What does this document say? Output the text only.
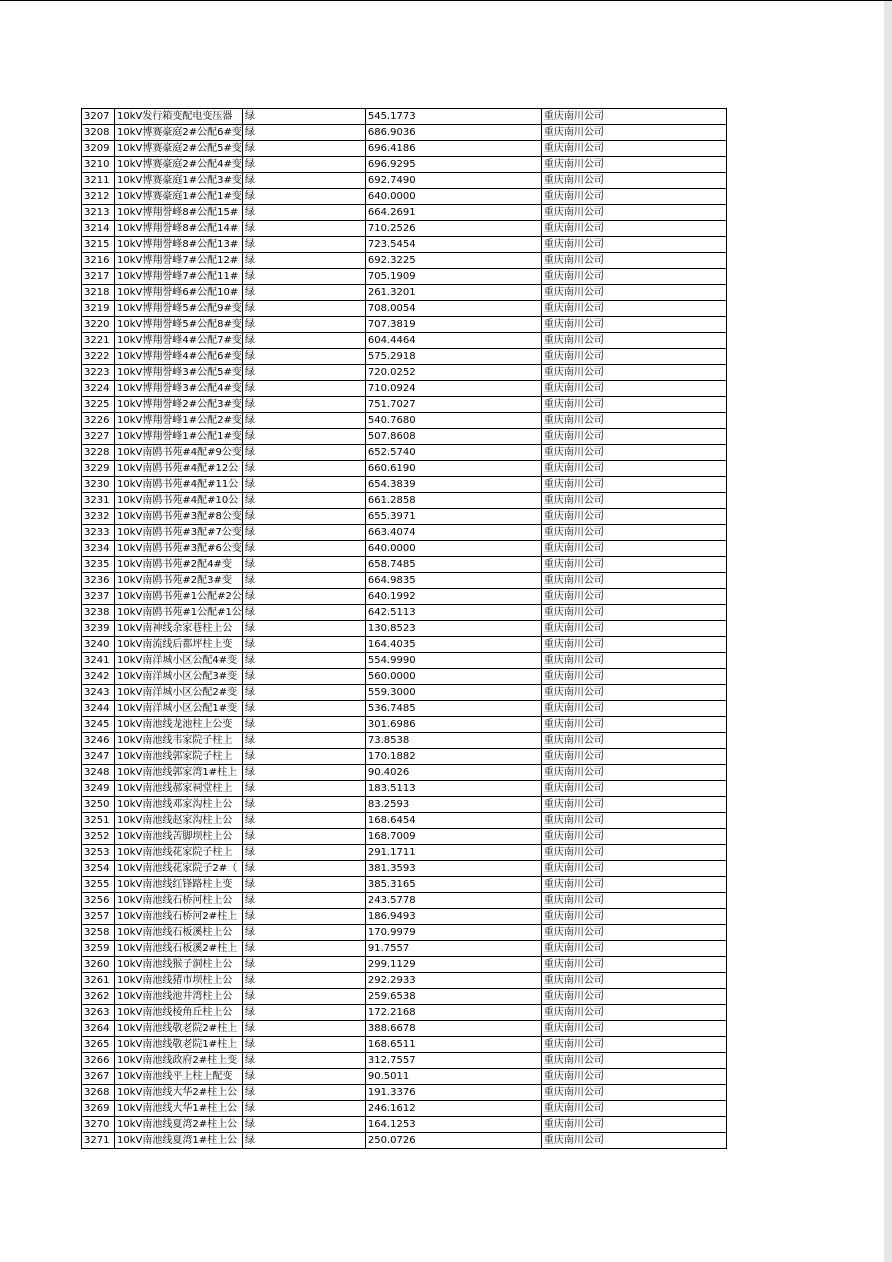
3207	10kV发行箱变配电变压器	绿	545.1773	重庆南川公司
3208	10kV博赛豪庭2#公配6#变	绿	686.9036	重庆南川公司
3209	10kV博赛豪庭2#公配5#变	绿	696.4186	重庆南川公司
3210	10kV博赛豪庭2#公配4#变	绿	696.9295	重庆南川公司
3211	10kV博赛豪庭1#公配3#变	绿	692.7490	重庆南川公司
3212	10kV博赛豪庭1#公配1#变	绿	640.0000	重庆南川公司
3213	10kV博翔誉峰8#公配15#	绿	664.2691	重庆南川公司
3214	10kV博翔誉峰8#公配14#	绿	710.2526	重庆南川公司
3215	10kV博翔誉峰8#公配13#	绿	723.5454	重庆南川公司
3216	10kV博翔誉峰7#公配12#	绿	692.3225	重庆南川公司
3217	10kV博翔誉峰7#公配11#	绿	705.1909	重庆南川公司
3218	10kV博翔誉峰6#公配10#	绿	261.3201	重庆南川公司
3219	10kV博翔誉峰5#公配9#变	绿	708.0054	重庆南川公司
3220	10kV博翔誉峰5#公配8#变	绿	707.3819	重庆南川公司
3221	10kV博翔誉峰4#公配7#变	绿	604.4464	重庆南川公司
3222	10kV博翔誉峰4#公配6#变	绿	575.2918	重庆南川公司
3223	10kV博翔誉峰3#公配5#变	绿	720.0252	重庆南川公司
3224	10kV博翔誉峰3#公配4#变	绿	710.0924	重庆南川公司
3225	10kV博翔誉峰2#公配3#变	绿	751.7027	重庆南川公司
3226	10kV博翔誉峰1#公配2#变	绿	540.7680	重庆南川公司
3227	10kV博翔誉峰1#公配1#变	绿	507.8608	重庆南川公司
3228	10kV南鸥书苑#4配#9公变	绿	652.5740	重庆南川公司
3229	10kV南鸥书苑#4配#12公	绿	660.6190	重庆南川公司
3230	10kV南鸥书苑#4配#11公	绿	654.3839	重庆南川公司
3231	10kV南鸥书苑#4配#10公	绿	661.2858	重庆南川公司
3232	10kV南鸥书苑#3配#8公变	绿	655.3971	重庆南川公司
3233	10kV南鸥书苑#3配#7公变	绿	663.4074	重庆南川公司
3234	10kV南鸥书苑#3配#6公变	绿	640.0000	重庆南川公司
3235	10kV南鸥书苑#2配4#变	绿	658.7485	重庆南川公司
3236	10kV南鸥书苑#2配3#变	绿	664.9835	重庆南川公司
3237	10kV南鸥书苑#1公配#2公	绿	640.1992	重庆南川公司
3238	10kV南鸥书苑#1公配#1公	绿	642.5113	重庆南川公司
3239	10kV南神线余家巷柱上公	绿	130.8523	重庆南川公司
3240	10kV南流线后都坪柱上变	绿	164.4035	重庆南川公司
3241	10kV南洋城小区公配4#变	绿	554.9990	重庆南川公司
3242	10kV南洋城小区公配3#变	绿	560.0000	重庆南川公司
3243	10kV南洋城小区公配2#变	绿	559.3000	重庆南川公司
3244	10kV南洋城小区公配1#变	绿	536.7485	重庆南川公司
3245	10kV南池线龙池柱上公变	绿	301.6986	重庆南川公司
3246	10kV南池线韦家院子柱上	绿	73.8538	重庆南川公司
3247	10kV南池线郭家院子柱上	绿	170.1882	重庆南川公司
3248	10kV南池线郭家湾1#柱上	绿	90.4026	重庆南川公司
3249	10kV南池线郝家祠堂柱上	绿	183.5113	重庆南川公司
3250	10kV南池线邓家沟柱上公	绿	83.2593	重庆南川公司
3251	10kV南池线赵家沟柱上公	绿	168.6454	重庆南川公司
3252	10kV南池线苦脚坝柱上公	绿	168.7009	重庆南川公司
3253	10kV南池线花家院子柱上	绿	291.1711	重庆南川公司
3254	10kV南池线花家院子2#（	绿	381.3593	重庆南川公司
3255	10kV南池线红锋路柱上变	绿	385.3165	重庆南川公司
3256	10kV南池线石桥河柱上公	绿	243.5778	重庆南川公司
3257	10kV南池线石桥河2#柱上	绿	186.9493	重庆南川公司
3258	10kV南池线石板溪柱上公	绿	170.9979	重庆南川公司
3259	10kV南池线石板溪2#柱上	绿	91.7557	重庆南川公司
3260	10kV南池线猴子洞柱上公	绿	299.1129	重庆南川公司
3261	10kV南池线猪市坝柱上公	绿	292.2933	重庆南川公司
3262	10kV南池线池井湾柱上公	绿	259.6538	重庆南川公司
3263	10kV南池线棱角丘柱上公	绿	172.2168	重庆南川公司
3264	10kV南池线敬老院2#柱上	绿	388.6678	重庆南川公司
3265	10kV南池线敬老院1#柱上	绿	168.6511	重庆南川公司
3266	10kV南池线政府2#柱上变	绿	312.7557	重庆南川公司
3267	10kV南池线平上柱上配变	绿	90.5011	重庆南川公司
3268	10kV南池线大华2#柱上公	绿	191.3376	重庆南川公司
3269	10kV南池线大华1#柱上公	绿	246.1612	重庆南川公司
3270	10kV南池线夏湾2#柱上公	绿	164.1253	重庆南川公司
3271	10kV南池线夏湾1#柱上公	绿	250.0726	重庆南川公司
